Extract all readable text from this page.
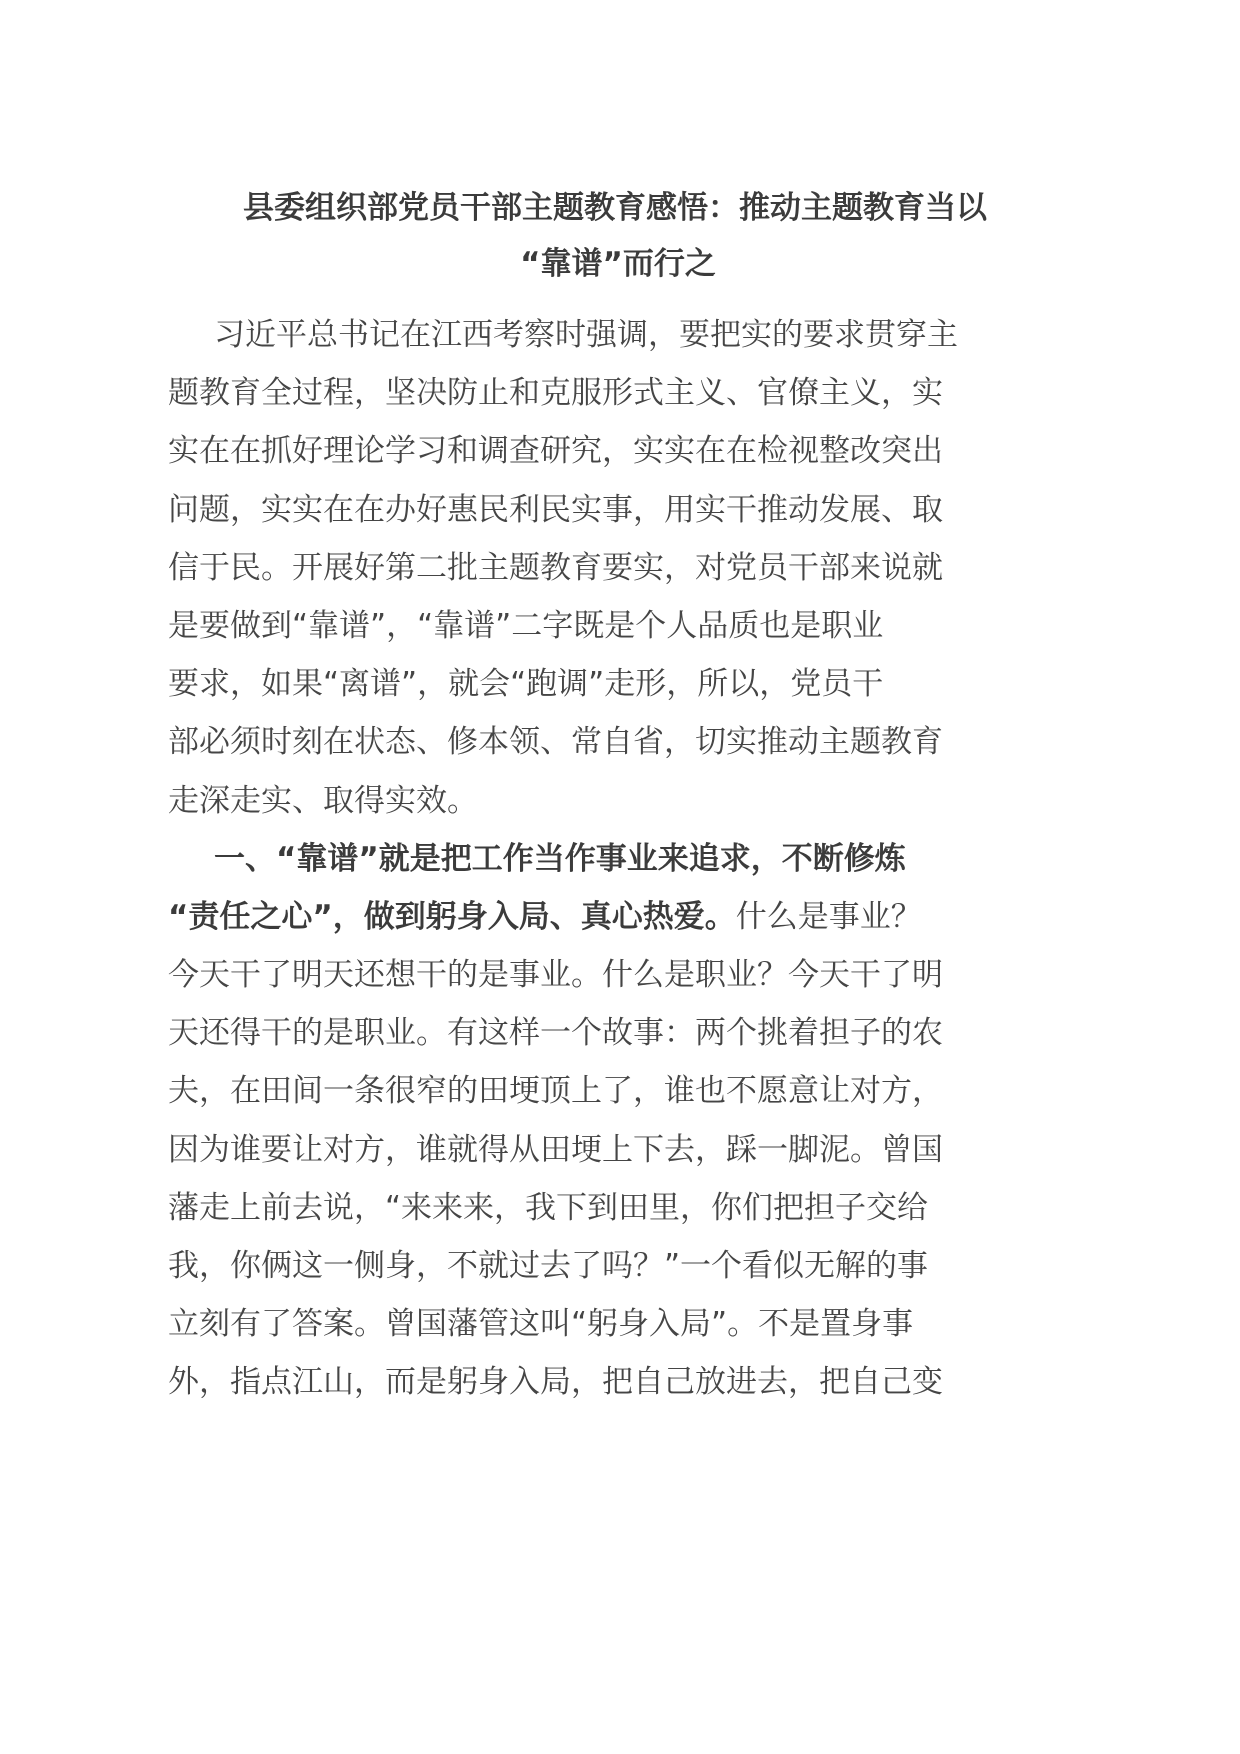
县委组织部党员干部主题教育感悟：推动主题教育当以
“靠谱”而行之
习近平总书记在江西考察时强调，要把实的要求贯穿主
题教育全过程，坚决防止和克服形式主义、官僚主义，实
实在在抓好理论学习和调查研究，实实在在检视整改突出
问题，实实在在办好惠民利民实事，用实干推动发展、取
信于民。开展好第二批主题教育要实，对党员干部来说就
是要做到“靠谱”，“靠谱”二字既是个人品质也是职业
要求，如果“离谱”，就会“跑调”走形，所以，党员干
部必须时刻在状态、修本领、常自省，切实推动主题教育
走深走实、取得实效。
一、“靠谱”就是把工作当作事业来追求，不断修炼
“责任之心”，做到躬身入局、真心热爱。什么是事业？
今天干了明天还想干的是事业。什么是职业？今天干了明
天还得干的是职业。有这样一个故事：两个挑着担子的农
夫，在田间一条很窄的田埂顶上了，谁也不愿意让对方，
因为谁要让对方，谁就得从田埂上下去，踩一脚泥。曾国
藩走上前去说，“来来来，我下到田里，你们把担子交给
我，你俩这一侧身，不就过去了吗？”一个看似无解的事
立刻有了答案。曾国藩管这叫“躬身入局”。不是置身事
外，指点江山，而是躬身入局，把自己放进去，把自己变
